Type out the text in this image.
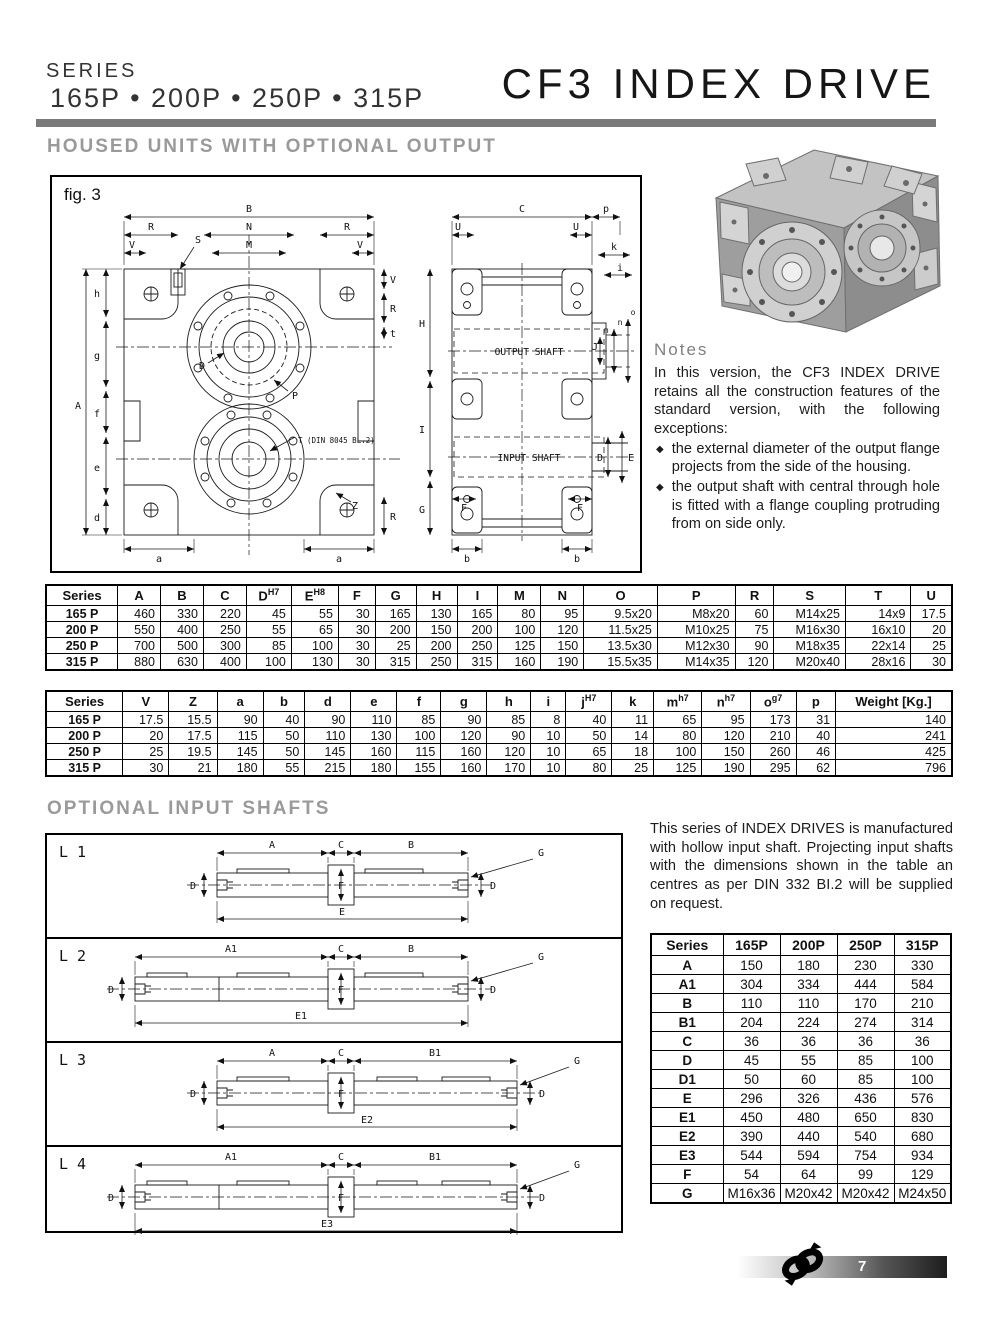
SERIES
165P • 200P • 250P • 315P	CF3 INDEX DRIVE
HOUSED UNITS WITH OPTIONAL OUTPUT
fig. 3
B
R	N	R
V	M	V
S
A
h
g
f
e
d
a	a
V
R
t
R
D
P
Z
C	p
U	U
k
i
H
I
G	F	F
b	b
D E
J
m
n
o
OUTPUT SHAFT
INPUT SHAFT
T (DIN 8045 BL.2)
Notes
In this version, the CF3 INDEX DRIVE retains all the construction features of the standard version, with the following exceptions:
◆ the external diameter of the output flange projects from the side of the housing.
◆ the output shaft with central through hole is fitted with a flange coupling protruding from on side only.
Series	A	B	C	$D^{H7}$	$E^{H8}$	F	G	H	I	M	N	O	P	R	S	T	U
165 P	460	330	220	45	55	30	165	130	165	80	95	9.5x20	M8x20	60	M14x25	14x9	17.5
200 P	550	400	250	55	65	30	200	150	200	100	120	11.5x25	M10x25	75	M16x30	16x10	20
250 P	700	500	300	85	100	30	25	200	250	125	150	13.5x30	M12x30	90	M18x35	22x14	25
315 P	880	630	400	100	130	30	315	250	315	160	190	15.5x35	M14x35	120	M20x40	28x16	30
Series	V	Z	a	b	d	e	f	g	h	i	$j^{H7}$	k	$m^{h7}$	$n^{h7}$	$o^{g7}$	p	Weight [Kg.]
165 P	17.5	15.5	90	40	90	110	85	90	85	8	40	11	65	95	173	31	140
200 P	20	17.5	115	50	110	130	100	120	90	10	50	14	80	120	210	40	241
250 P	25	19.5	145	50	145	160	115	160	120	10	65	18	100	150	260	46	425
315 P	30	21	180	55	215	180	155	160	170	10	80	25	125	190	295	62	796
OPTIONAL INPUT SHAFTS
L 1	A	C	B
D	D
F
E
G
L 2	A1	C	B
D	D
F
E1
G
L 3	A	C	B1
D	D
F
E2
G
L 4	A1	C	B1
D	D
F
E3
G
This series of INDEX DRIVES is manufactured with hollow input shaft. Projecting input shafts with the dimensions shown in the table an centres as per DIN 332 BI.2 will be supplied on request.
Series	165P	200P	250P	315P
A	150	180	230	330
A1	304	334	444	584
B	110	110	170	210
B1	204	224	274	314
C	36	36	36	36
D	45	55	85	100
D1	50	60	85	100
E	296	326	436	576
E1	450	480	650	830
E2	390	440	540	680
E3	544	594	754	934
F	54	64	99	129
G	M16x36	M20x42	M20x42	M24x50
7
